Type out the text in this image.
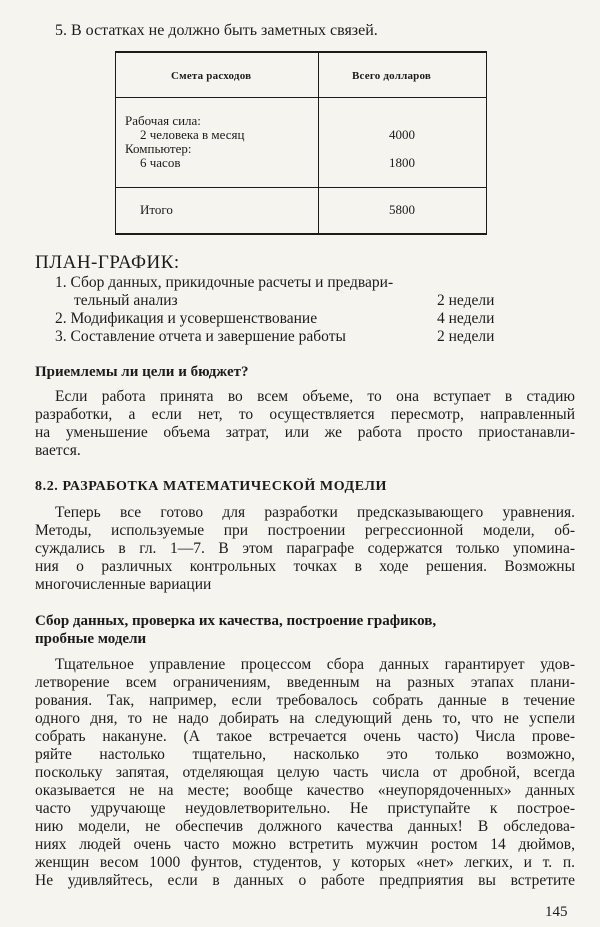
5. В остатках не должно быть заметных связей.
Смета расходов	Всего долларов
Рабочая сила:
2 человека в месяц	4000
Компьютер:
6 часов	1800
Итого	5800
ПЛАН-ГРАФИК:
1. Сбор данных, прикидочные расчеты и предвари-
тельный анализ	2 недели
2. Модификация и усовершенствование	4 недели
3. Составление отчета и завершение работы	2 недели
Приемлемы ли цели и бюджет?
Если работа принята во всем объеме, то она вступает в стадию
разработки, а если нет, то осуществляется пересмотр, направленный
на уменьшение объема затрат, или же работа просто приостанавли-
вается.
8.2. РАЗРАБОТКА МАТЕМАТИЧЕСКОЙ МОДЕЛИ
Теперь все готово для разработки предсказывающего уравнения.
Методы, используемые при построении регрессионной модели, об-
суждались в гл. 1—7. В этом параграфе содержатся только упомина-
ния о различных контрольных точках в ходе решения. Возможны
многочисленные вариации
Сбор данных, проверка их качества, построение графиков,
пробные модели
Тщательное управление процессом сбора данных гарантирует удов-
летворение всем ограничениям, введенным на разных этапах плани-
рования. Так, например, если требовалось собрать данные в течение
одного дня, то не надо добирать на следующий день то, что не успели
собрать накануне. (А такое встречается очень часто) Числа прове-
ряйте настолько тщательно, насколько это только возможно,
поскольку запятая, отделяющая целую часть числа от дробной, всегда
оказывается не на месте; вообще качество «неупорядоченных» данных
часто удручающе неудовлетворительно. Не приступайте к построе-
нию модели, не обеспечив должного качества данных! В обследова-
ниях людей очень часто можно встретить мужчин ростом 14 дюймов,
женщин весом 1000 фунтов, студентов, у которых «нет» легких, и т. п.
Не удивляйтесь, если в данных о работе предприятия вы встретите
145
